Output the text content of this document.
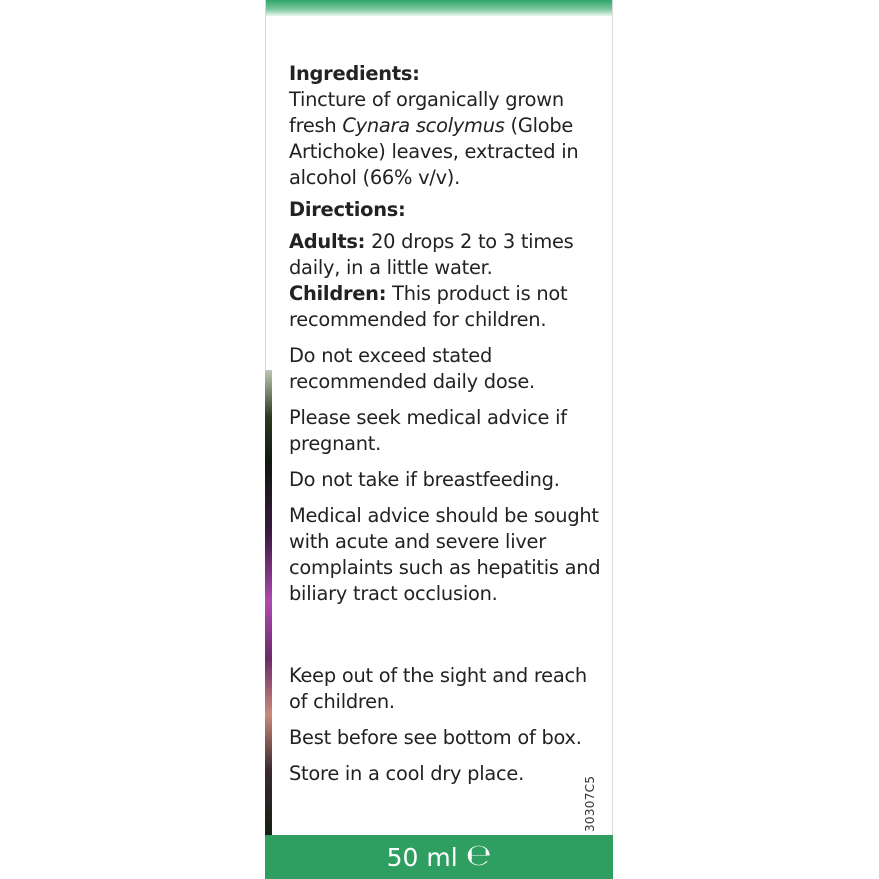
Ingredients:

Tincture of organically grown fresh Cynara scolymus (Globe Artichoke) leaves, extracted in alcohol (66% v/v).

Directions:

Adults: 20 drops 2 to 3 times daily, in a little water.

Children: This product is not recommended for children.

Do not exceed stated recommended daily dose.

Please seek medical advice if pregnant.

Do not take if breastfeeding.

Medical advice should be sought with acute and severe liver complaints such as hepatitis and biliary tract occlusion.

Keep out of the sight and reach of children.

Best before see bottom of box.

Store in a cool dry place.

30307C5
50 ml ℮
